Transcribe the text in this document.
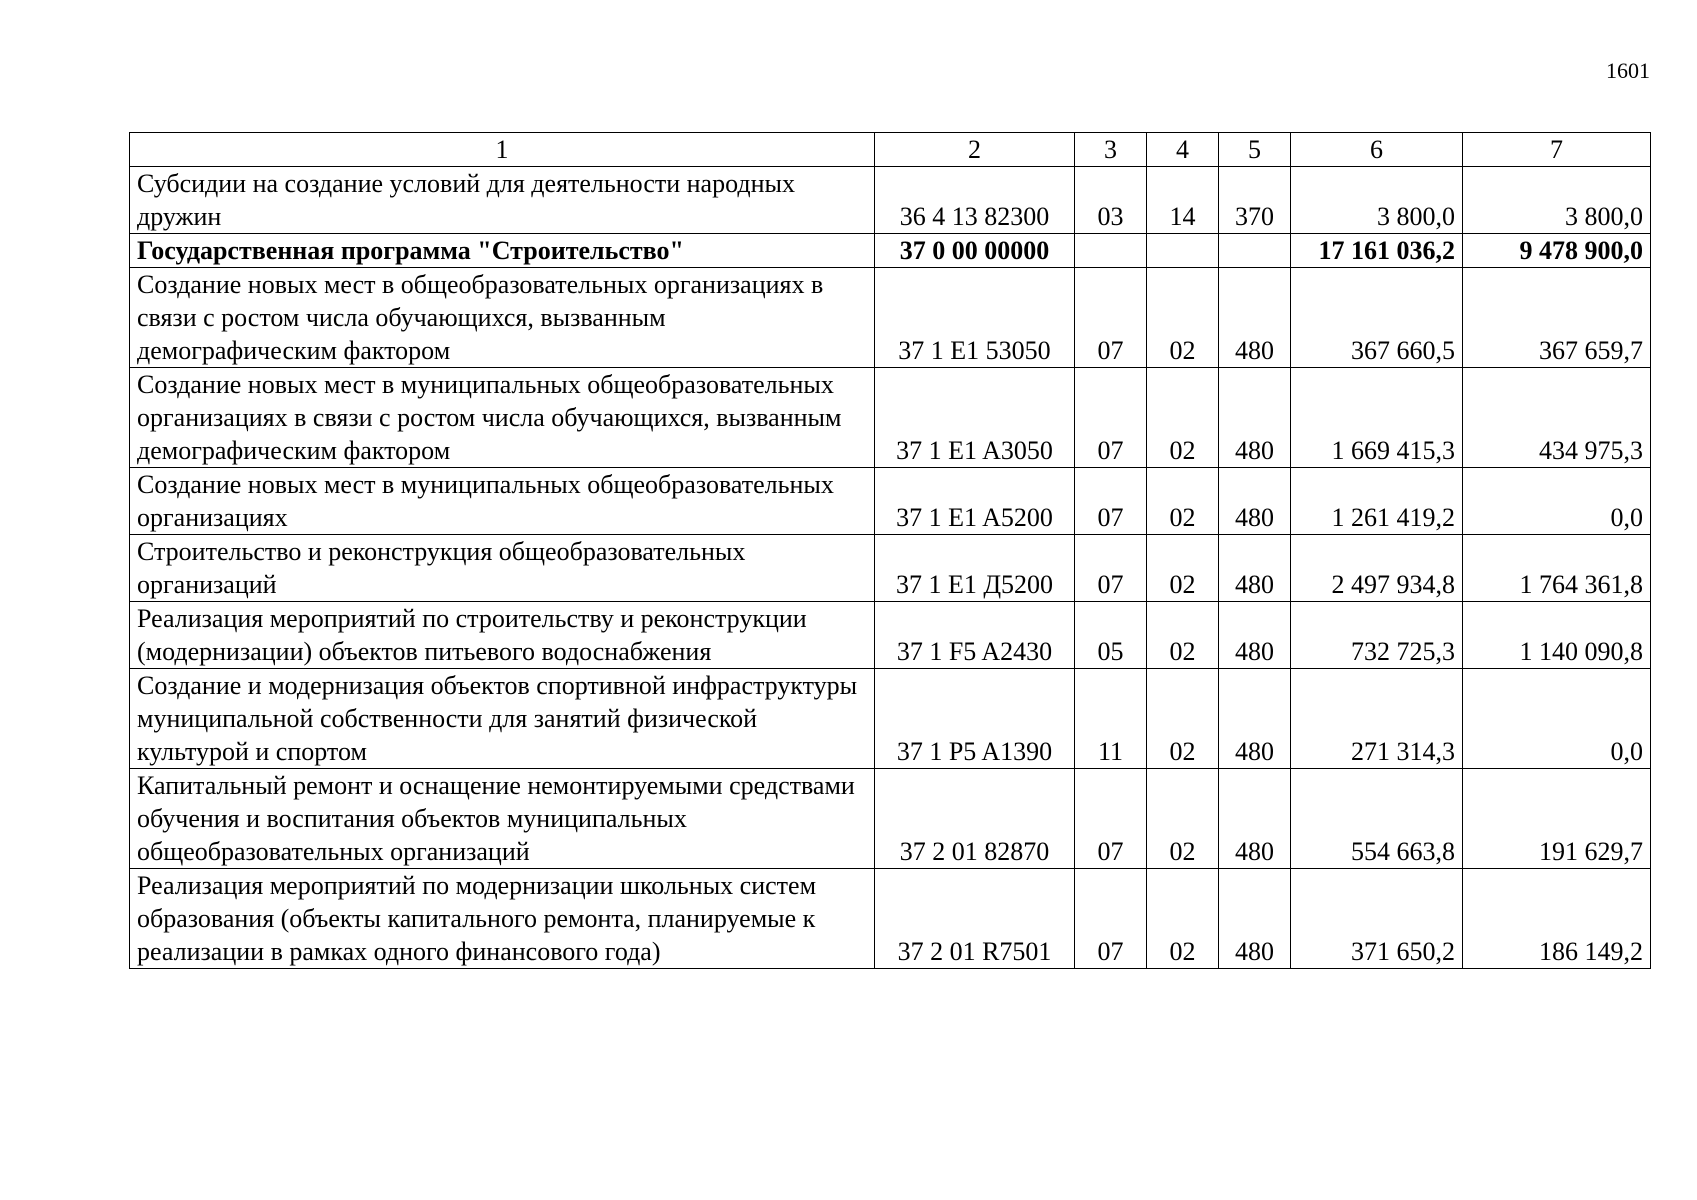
1601
1	2	3	4	5	6	7
Субсидии на создание условий для деятельности народных дружин	36 4 13 82300	03	14	370	3 800,0	3 800,0
Государственная программа "Строительство"	37 0 00 00000				17 161 036,2	9 478 900,0
Создание новых мест в общеобразовательных организациях в связи с ростом числа обучающихся, вызванным демографическим фактором	37 1 E1 53050	07	02	480	367 660,5	367 659,7
Создание новых мест в муниципальных общеобразовательных организациях в связи с ростом числа обучающихся, вызванным демографическим фактором	37 1 E1 A3050	07	02	480	1 669 415,3	434 975,3
Создание новых мест в муниципальных общеобразовательных организациях	37 1 E1 A5200	07	02	480	1 261 419,2	0,0
Строительство и реконструкция общеобразовательных организаций	37 1 E1 Д5200	07	02	480	2 497 934,8	1 764 361,8
Реализация мероприятий по строительству и реконструкции (модернизации) объектов питьевого водоснабжения	37 1 F5 A2430	05	02	480	732 725,3	1 140 090,8
Создание и модернизация объектов спортивной инфраструктуры муниципальной собственности для занятий физической культурой и спортом	37 1 P5 A1390	11	02	480	271 314,3	0,0
Капитальный ремонт и оснащение немонтируемыми средствами обучения и воспитания объектов муниципальных общеобразовательных организаций	37 2 01 82870	07	02	480	554 663,8	191 629,7
Реализация мероприятий по модернизации школьных систем образования (объекты капитального ремонта, планируемые к реализации в рамках одного финансового года)	37 2 01 R7501	07	02	480	371 650,2	186 149,2
